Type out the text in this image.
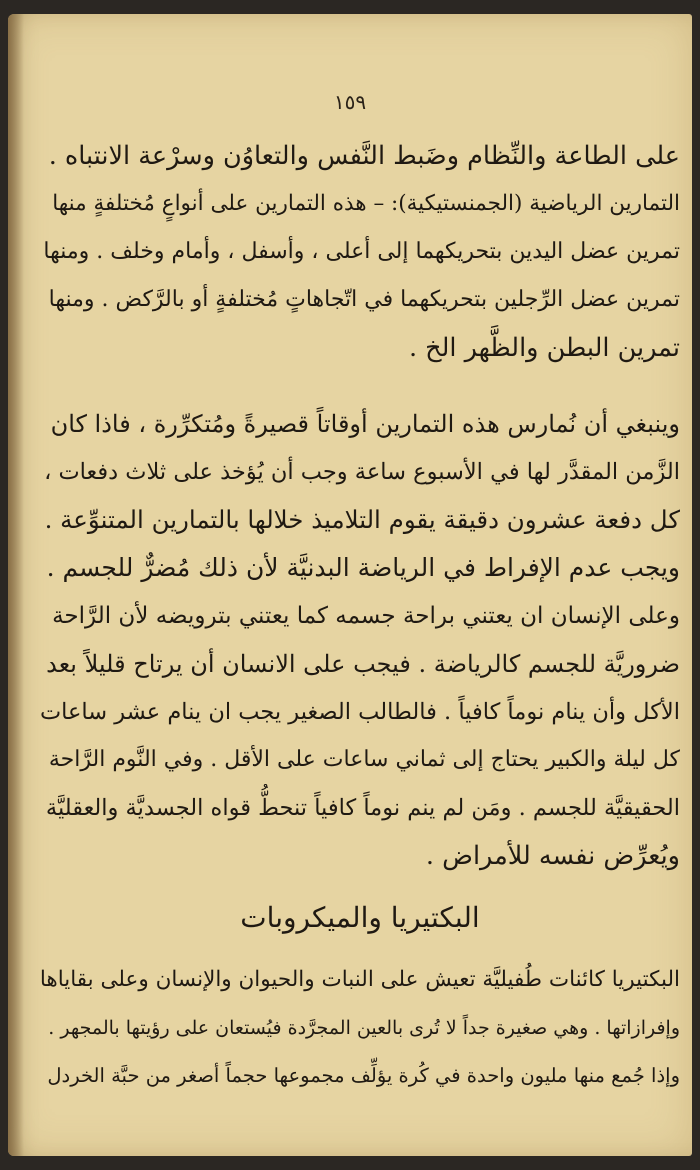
١٥٩
على الطاعة والنِّظام وضَبط النَّفس والتعاوُن وسرْعة الانتباه .
التمارين الرياضية (الجمنستيكية): – هذه التمارين على أنواعٍ مُختلفةٍ منها
تمرين عضل اليدين بتحريكهما إلى أعلى ، وأسفل ، وأمام وخلف . ومنها
تمرين عضل الرِّجلين بتحريكهما في اتّجاهاتٍ مُختلفةٍ أو بالرَّكض . ومنها
تمرين البطن والظَّهر الخ .
وينبغي أن نُمارس هذه التمارين أوقاتاً قصيرةً ومُتكرِّرة ، فاذا كان
الزَّمن المقدَّر لها في الأسبوع ساعة وجب أن يُؤخذ على ثلاث دفعات ،
كل دفعة عشرون دقيقة يقوم التلاميذ خلالها بالتمارين المتنوِّعة .
ويجب عدم الإفراط في الرياضة البدنيَّة لأن ذلك مُضرٌّ للجسم .
وعلى الإنسان ان يعتني براحة جسمه كما يعتني بترويضه لأن الرَّاحة
ضروريَّة للجسم كالرياضة . فيجب على الانسان أن يرتاح قليلاً بعد
الأكل وأن ينام نوماً كافياً . فالطالب الصغير يجب ان ينام عشر ساعات
كل ليلة والكبير يحتاج إلى ثماني ساعات على الأقل . وفي النَّوم الرَّاحة
الحقيقيَّة للجسم . ومَن لم ينم نوماً كافياً تنحطُّ قواه الجسديَّة والعقليَّة
ويُعرِّض نفسه للأمراض .
البكتيريا والميكروبات
البكتيريا كائنات طُفيليَّة تعيش على النبات والحيوان والإنسان وعلى بقاياها
وإفرازاتها . وهي صغيرة جداً لا تُرى بالعين المجرَّدة فيُستعان على رؤيتها بالمجهر .
وإذا جُمع منها مليون واحدة في كُرة يؤلِّف مجموعها حجماً أصغر من حبَّة الخردل
